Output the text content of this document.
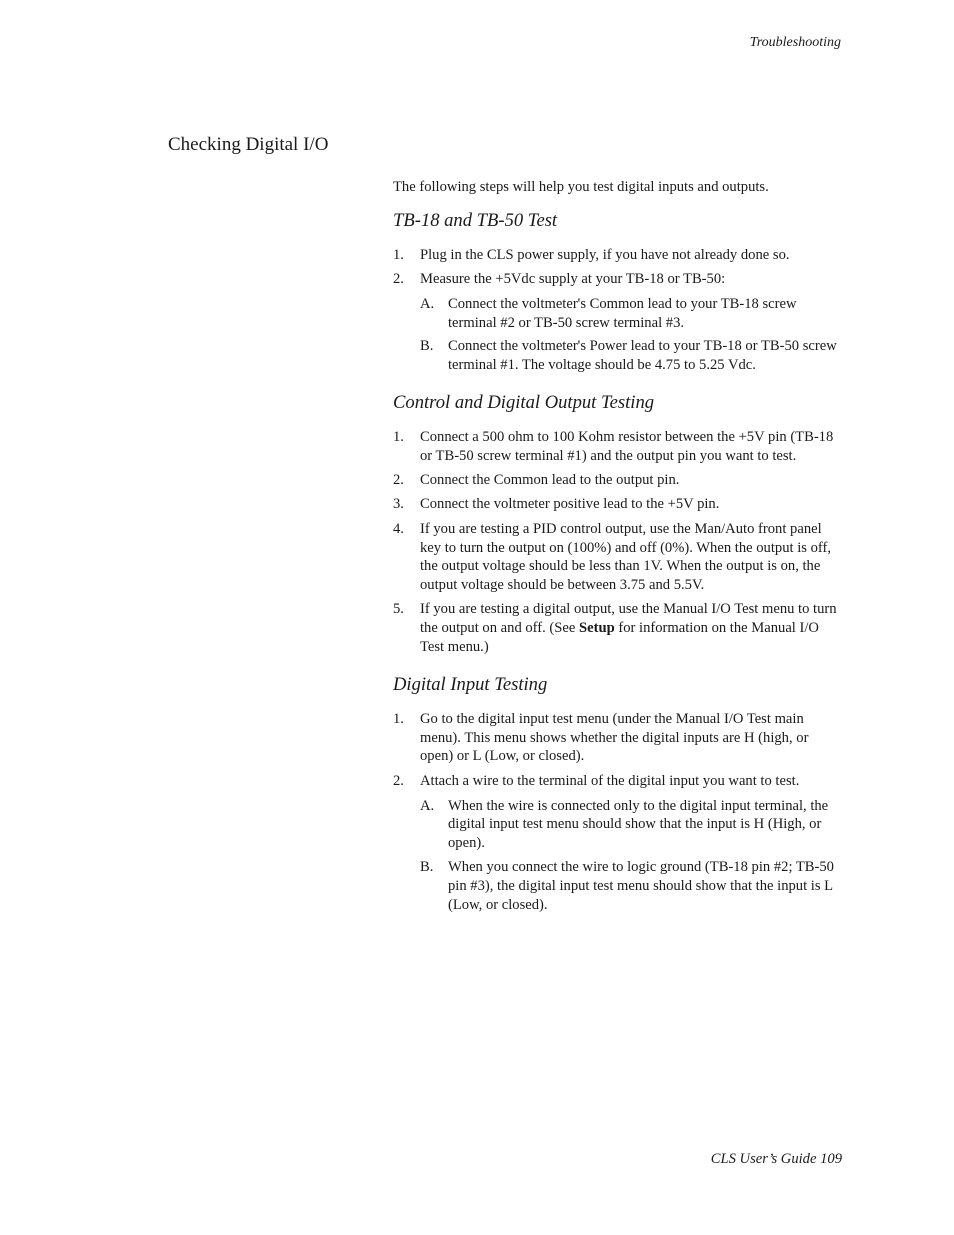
Troubleshooting
Checking Digital I/O

The following steps will help you test digital inputs and outputs.

TB-18 and TB-50 Test
1. Plug in the CLS power supply, if you have not already done so.
2. Measure the +5Vdc supply at your TB-18 or TB-50:
A. Connect the voltmeter's Common lead to your TB-18 screw terminal #2 or TB-50 screw terminal #3.
B. Connect the voltmeter's Power lead to your TB-18 or TB-50 screw terminal #1. The voltage should be 4.75 to 5.25 Vdc.
Control and Digital Output Testing
1. Connect a 500 ohm to 100 Kohm resistor between the +5V pin (TB-18 or TB-50 screw terminal #1) and the output pin you want to test.
2. Connect the Common lead to the output pin.
3. Connect the voltmeter positive lead to the +5V pin.
4. If you are testing a PID control output, use the Man/Auto front panel key to turn the output on (100%) and off (0%). When the output is off, the output voltage should be less than 1V. When the output is on, the output voltage should be between 3.75 and 5.5V.
5. If you are testing a digital output, use the Manual I/O Test menu to turn the output on and off. (See Setup for information on the Manual I/O Test menu.)
Digital Input Testing
1. Go to the digital input test menu (under the Manual I/O Test main menu). This menu shows whether the digital inputs are H (high, or open) or L (Low, or closed).
2. Attach a wire to the terminal of the digital input you want to test.
A. When the wire is connected only to the digital input terminal, the digital input test menu should show that the input is H (High, or open).
B. When you connect the wire to logic ground (TB-18 pin #2; TB-50 pin #3), the digital input test menu should show that the input is L (Low, or closed).
CLS User’s Guide 109
